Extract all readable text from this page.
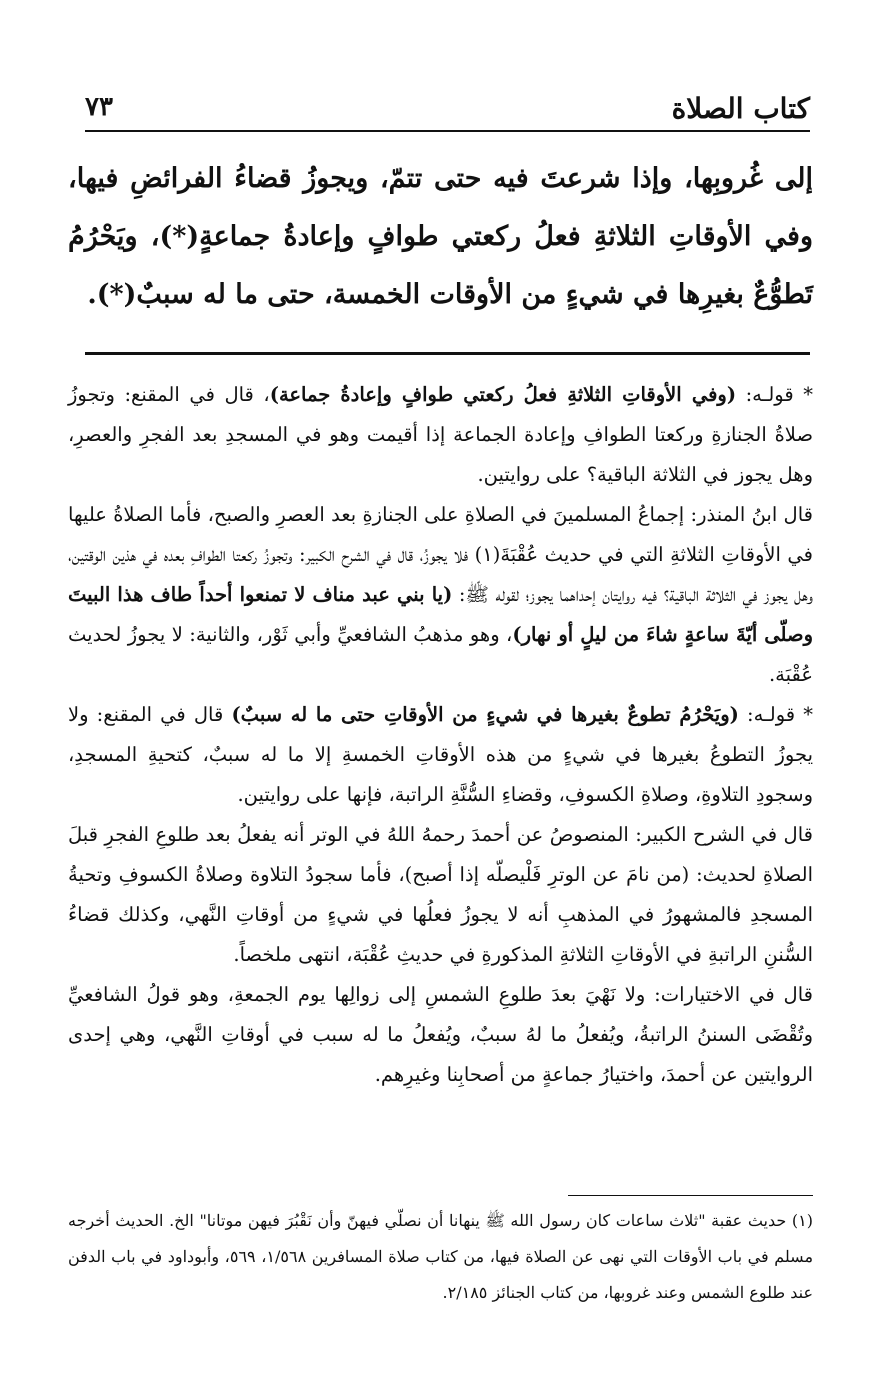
كتاب الصلاة
٧٣

إلى غُروبِها، وإذا شرعتَ فيه حتى تتمّ، ويجوزُ قضاءُ الفرائضِ فيها، وفي الأوقاتِ الثلاثةِ فعلُ ركعتي طوافٍ وإعادةُ جماعةٍ(*)، ويَحْرُمُ تَطوُّعٌ بغيرِها في شيءٍ من الأوقات الخمسة، حتى ما له سببٌ(*).

* قولـه: (وفي الأوقاتِ الثلاثةِ فعلُ ركعتي طوافٍ وإعادةُ جماعة)، قال في المقنع: وتجوزُ صلاةُ الجنازةِ وركعتا الطوافِ وإعادة الجماعة إذا أقيمت وهو في المسجدِ بعد الفجرِ والعصرِ، وهل يجوز في الثلاثة الباقية؟ على روايتين.

قال ابنُ المنذر: إجماعُ المسلمينَ في الصلاةِ على الجنازةِ بعد العصرِ والصبح، فأما الصلاةُ عليها في الأوقاتِ الثلاثةِ التي في حديث عُقْبَةَ(١) فلا يجوزُ، قال في الشرح الكبير: وتجوزُ ركعتا الطوافِ بعده في هذين الوقتين، وهل يجوز في الثلاثة الباقية؟ فيه روايتان إحداهما يجوز؛ لقوله ﷺ: (يا بني عبد مناف لا تمنعوا أحداً طاف هذا البيتَ وصلّى أيّةَ ساعةٍ شاءَ من ليلٍ أو نهار)، وهو مذهبُ الشافعيِّ وأبي ثَوْر، والثانية: لا يجوزُ لحديث عُقْبَة.

* قولـه: (ويَحْرُمُ تطوعٌ بغيرها في شيءٍ من الأوقاتِ حتى ما له سببٌ) قال في المقنع: ولا يجوزُ التطوعُ بغيرها في شيءٍ من هذه الأوقاتِ الخمسةِ إلا ما له سببٌ، كتحيةِ المسجدِ، وسجودِ التلاوةِ، وصلاةِ الكسوفِ، وقضاءِ السُّنَّةِ الراتبة، فإنها على روايتين.

قال في الشرح الكبير: المنصوصُ عن أحمدَ رحمهُ اللهُ في الوتر أنه يفعلُ بعد طلوعِ الفجرِ قبلَ الصلاةِ لحديث: (من نامَ عن الوترِ فَلْيصلّه إذا أصبح)، فأما سجودُ التلاوة وصلاةُ الكسوفِ وتحيةُ المسجدِ فالمشهورُ في المذهبِ أنه لا يجوزُ فعلُها في شيءٍ من أوقاتِ النَّهي، وكذلك قضاءُ السُّننِ الراتبةِ في الأوقاتِ الثلاثةِ المذكورةِ في حديثِ عُقْبَة، انتهى ملخصاً.

قال في الاختيارات: ولا نَهْيَ بعدَ طلوعِ الشمسِ إلى زوالِها يوم الجمعةِ، وهو قولُ الشافعيِّ وتُقْضَى السننُ الراتبةُ، ويُفعلُ ما لهُ سببٌ، ويُفعلُ ما له سبب في أوقاتِ النَّهي، وهي إحدى الروايتين عن أحمدَ، واختيارُ جماعةٍ من أصحابِنا وغيرِهم.

(١) حديث عقبة "ثلاث ساعات كان رسول الله ﷺ ينهانا أن نصلّي فيهنّ وأن نَقْبُرَ فيهن موتانا" الخ. الحديث أخرجه مسلم في باب الأوقات التي نهى عن الصلاة فيها، من كتاب صلاة المسافرين ١/٥٦٨، ٥٦٩، وأبوداود في باب الدفن عند طلوع الشمس وعند غروبها، من كتاب الجنائز ٢/١٨٥.
